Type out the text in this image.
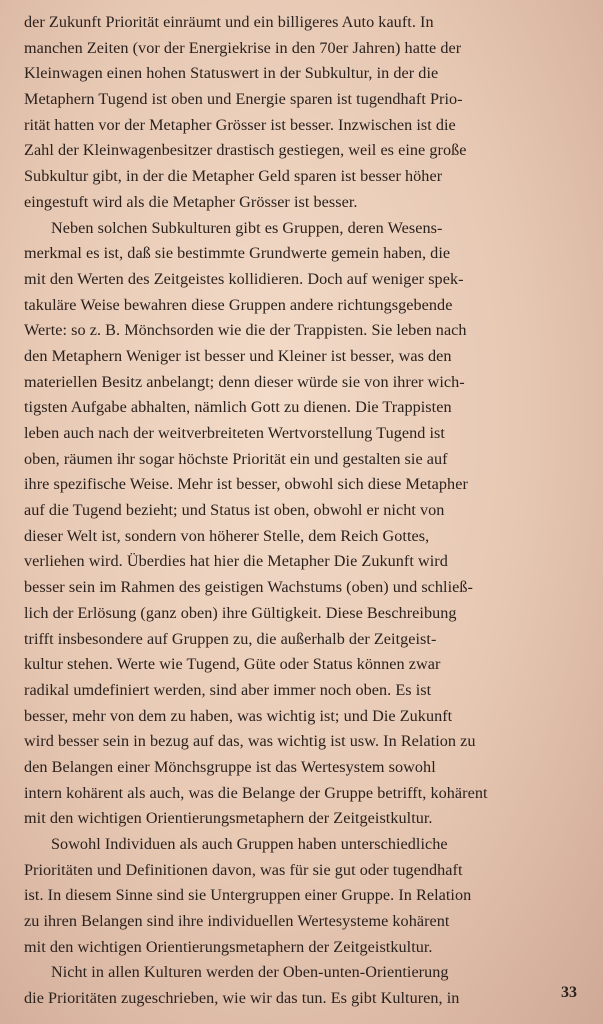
der Zukunft Priorität einräumt und ein billigeres Auto kauft. In
manchen Zeiten (vor der Energiekrise in den 70er Jahren) hatte der
Kleinwagen einen hohen Statuswert in der Subkultur, in der die
Metaphern Tugend ist oben und Energie sparen ist tugendhaft Prio-
rität hatten vor der Metapher Grösser ist besser. Inzwischen ist die
Zahl der Kleinwagenbesitzer drastisch gestiegen, weil es eine große
Subkultur gibt, in der die Metapher Geld sparen ist besser höher
eingestuft wird als die Metapher Grösser ist besser.
Neben solchen Subkulturen gibt es Gruppen, deren Wesens-
merkmal es ist, daß sie bestimmte Grundwerte gemein haben, die
mit den Werten des Zeitgeistes kollidieren. Doch auf weniger spek-
takuläre Weise bewahren diese Gruppen andere richtungsgebende
Werte: so z. B. Mönchsorden wie die der Trappisten. Sie leben nach
den Metaphern Weniger ist besser und Kleiner ist besser, was den
materiellen Besitz anbelangt; denn dieser würde sie von ihrer wich-
tigsten Aufgabe abhalten, nämlich Gott zu dienen. Die Trappisten
leben auch nach der weitverbreiteten Wertvorstellung Tugend ist
oben, räumen ihr sogar höchste Priorität ein und gestalten sie auf
ihre spezifische Weise. Mehr ist besser, obwohl sich diese Metapher
auf die Tugend bezieht; und Status ist oben, obwohl er nicht von
dieser Welt ist, sondern von höherer Stelle, dem Reich Gottes,
verliehen wird. Überdies hat hier die Metapher Die Zukunft wird
besser sein im Rahmen des geistigen Wachstums (oben) und schließ-
lich der Erlösung (ganz oben) ihre Gültigkeit. Diese Beschreibung
trifft insbesondere auf Gruppen zu, die außerhalb der Zeitgeist-
kultur stehen. Werte wie Tugend, Güte oder Status können zwar
radikal umdefiniert werden, sind aber immer noch oben. Es ist
besser, mehr von dem zu haben, was wichtig ist; und Die Zukunft
wird besser sein in bezug auf das, was wichtig ist usw. In Relation zu
den Belangen einer Mönchsgruppe ist das Wertesystem sowohl
intern kohärent als auch, was die Belange der Gruppe betrifft, kohärent
mit den wichtigen Orientierungsmetaphern der Zeitgeistkultur.
Sowohl Individuen als auch Gruppen haben unterschiedliche
Prioritäten und Definitionen davon, was für sie gut oder tugendhaft
ist. In diesem Sinne sind sie Untergruppen einer Gruppe. In Relation
zu ihren Belangen sind ihre individuellen Wertesysteme kohärent
mit den wichtigen Orientierungsmetaphern der Zeitgeistkultur.
Nicht in allen Kulturen werden der Oben-unten-Orientierung
die Prioritäten zugeschrieben, wie wir das tun. Es gibt Kulturen, in	33
